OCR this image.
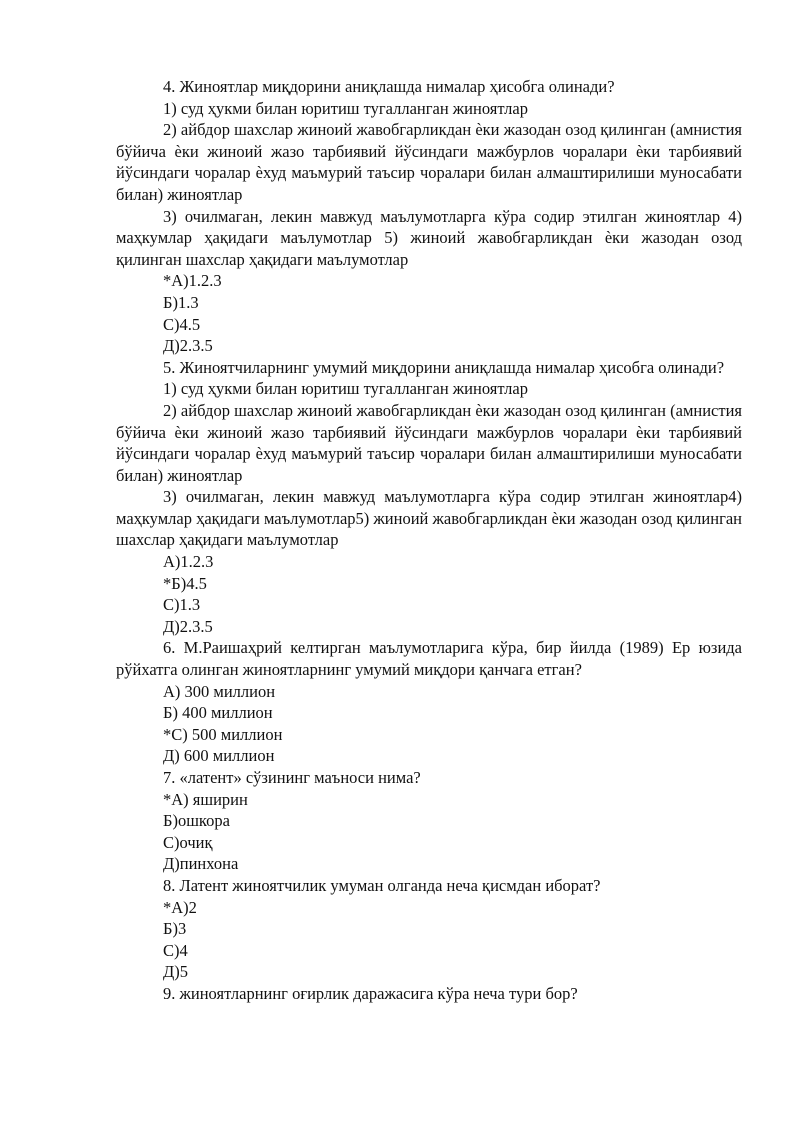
4. Жиноятлар миқдорини аниқлашда нималар ҳисобга олинади?

1) суд ҳукми билан юритиш тугалланган жиноятлар

2) айбдор шахслар жиноий жавобгарликдан ѐки жазодан озод қилинган (амнистия бўйича ѐки жиноий жазо тарбиявий йўсиндаги мажбурлов чоралари ѐки тарбиявий йўсиндаги чоралар ѐхуд маъмурий таъсир чоралари билан алмаштирилиши муносабати билан) жиноятлар

3) очилмаган, лекин мавжуд маълумотларга кўра содир этилган жиноятлар 4) маҳкумлар ҳақидаги маълумотлар 5) жиноий жавобгарликдан ѐки жазодан озод қилинган шахслар ҳақидаги маълумотлар

*А)1.2.3

Б)1.3

С)4.5

Д)2.3.5

5. Жиноятчиларнинг умумий миқдорини аниқлашда нималар ҳисобга олинади?

1) суд ҳукми билан юритиш тугалланган жиноятлар

2) айбдор шахслар жиноий жавобгарликдан ѐки жазодан озод қилинган (амнистия бўйича ѐки жиноий жазо тарбиявий йўсиндаги мажбурлов чоралари ѐки тарбиявий йўсиндаги чоралар ѐхуд маъмурий таъсир чоралари билан алмаштирилиши муносабати билан) жиноятлар

3) очилмаган, лекин мавжуд маълумотларга кўра содир этилган жиноятлар4) маҳкумлар ҳақидаги маълумотлар5) жиноий жавобгарликдан ѐки жазодан озод қилинган шахслар ҳақидаги маълумотлар

А)1.2.3

*Б)4.5

С)1.3

Д)2.3.5

6. М.Раишаҳрий келтирган маълумотларига кўра, бир йилда (1989) Ер юзида рўйхатга олинган жиноятларнинг умумий миқдори қанчага етган?

А) 300 миллион

Б) 400 миллион

*С) 500 миллион

Д) 600 миллион

7. «латент» сўзининг маъноси нима?

*А) яширин

Б)ошкора

С)очиқ

Д)пинхона

8. Латент жиноятчилик умуман олганда неча қисмдан иборат?

*А)2

Б)3

С)4

Д)5

9. жиноятларнинг оғирлик даражасига кўра неча тури бор?
